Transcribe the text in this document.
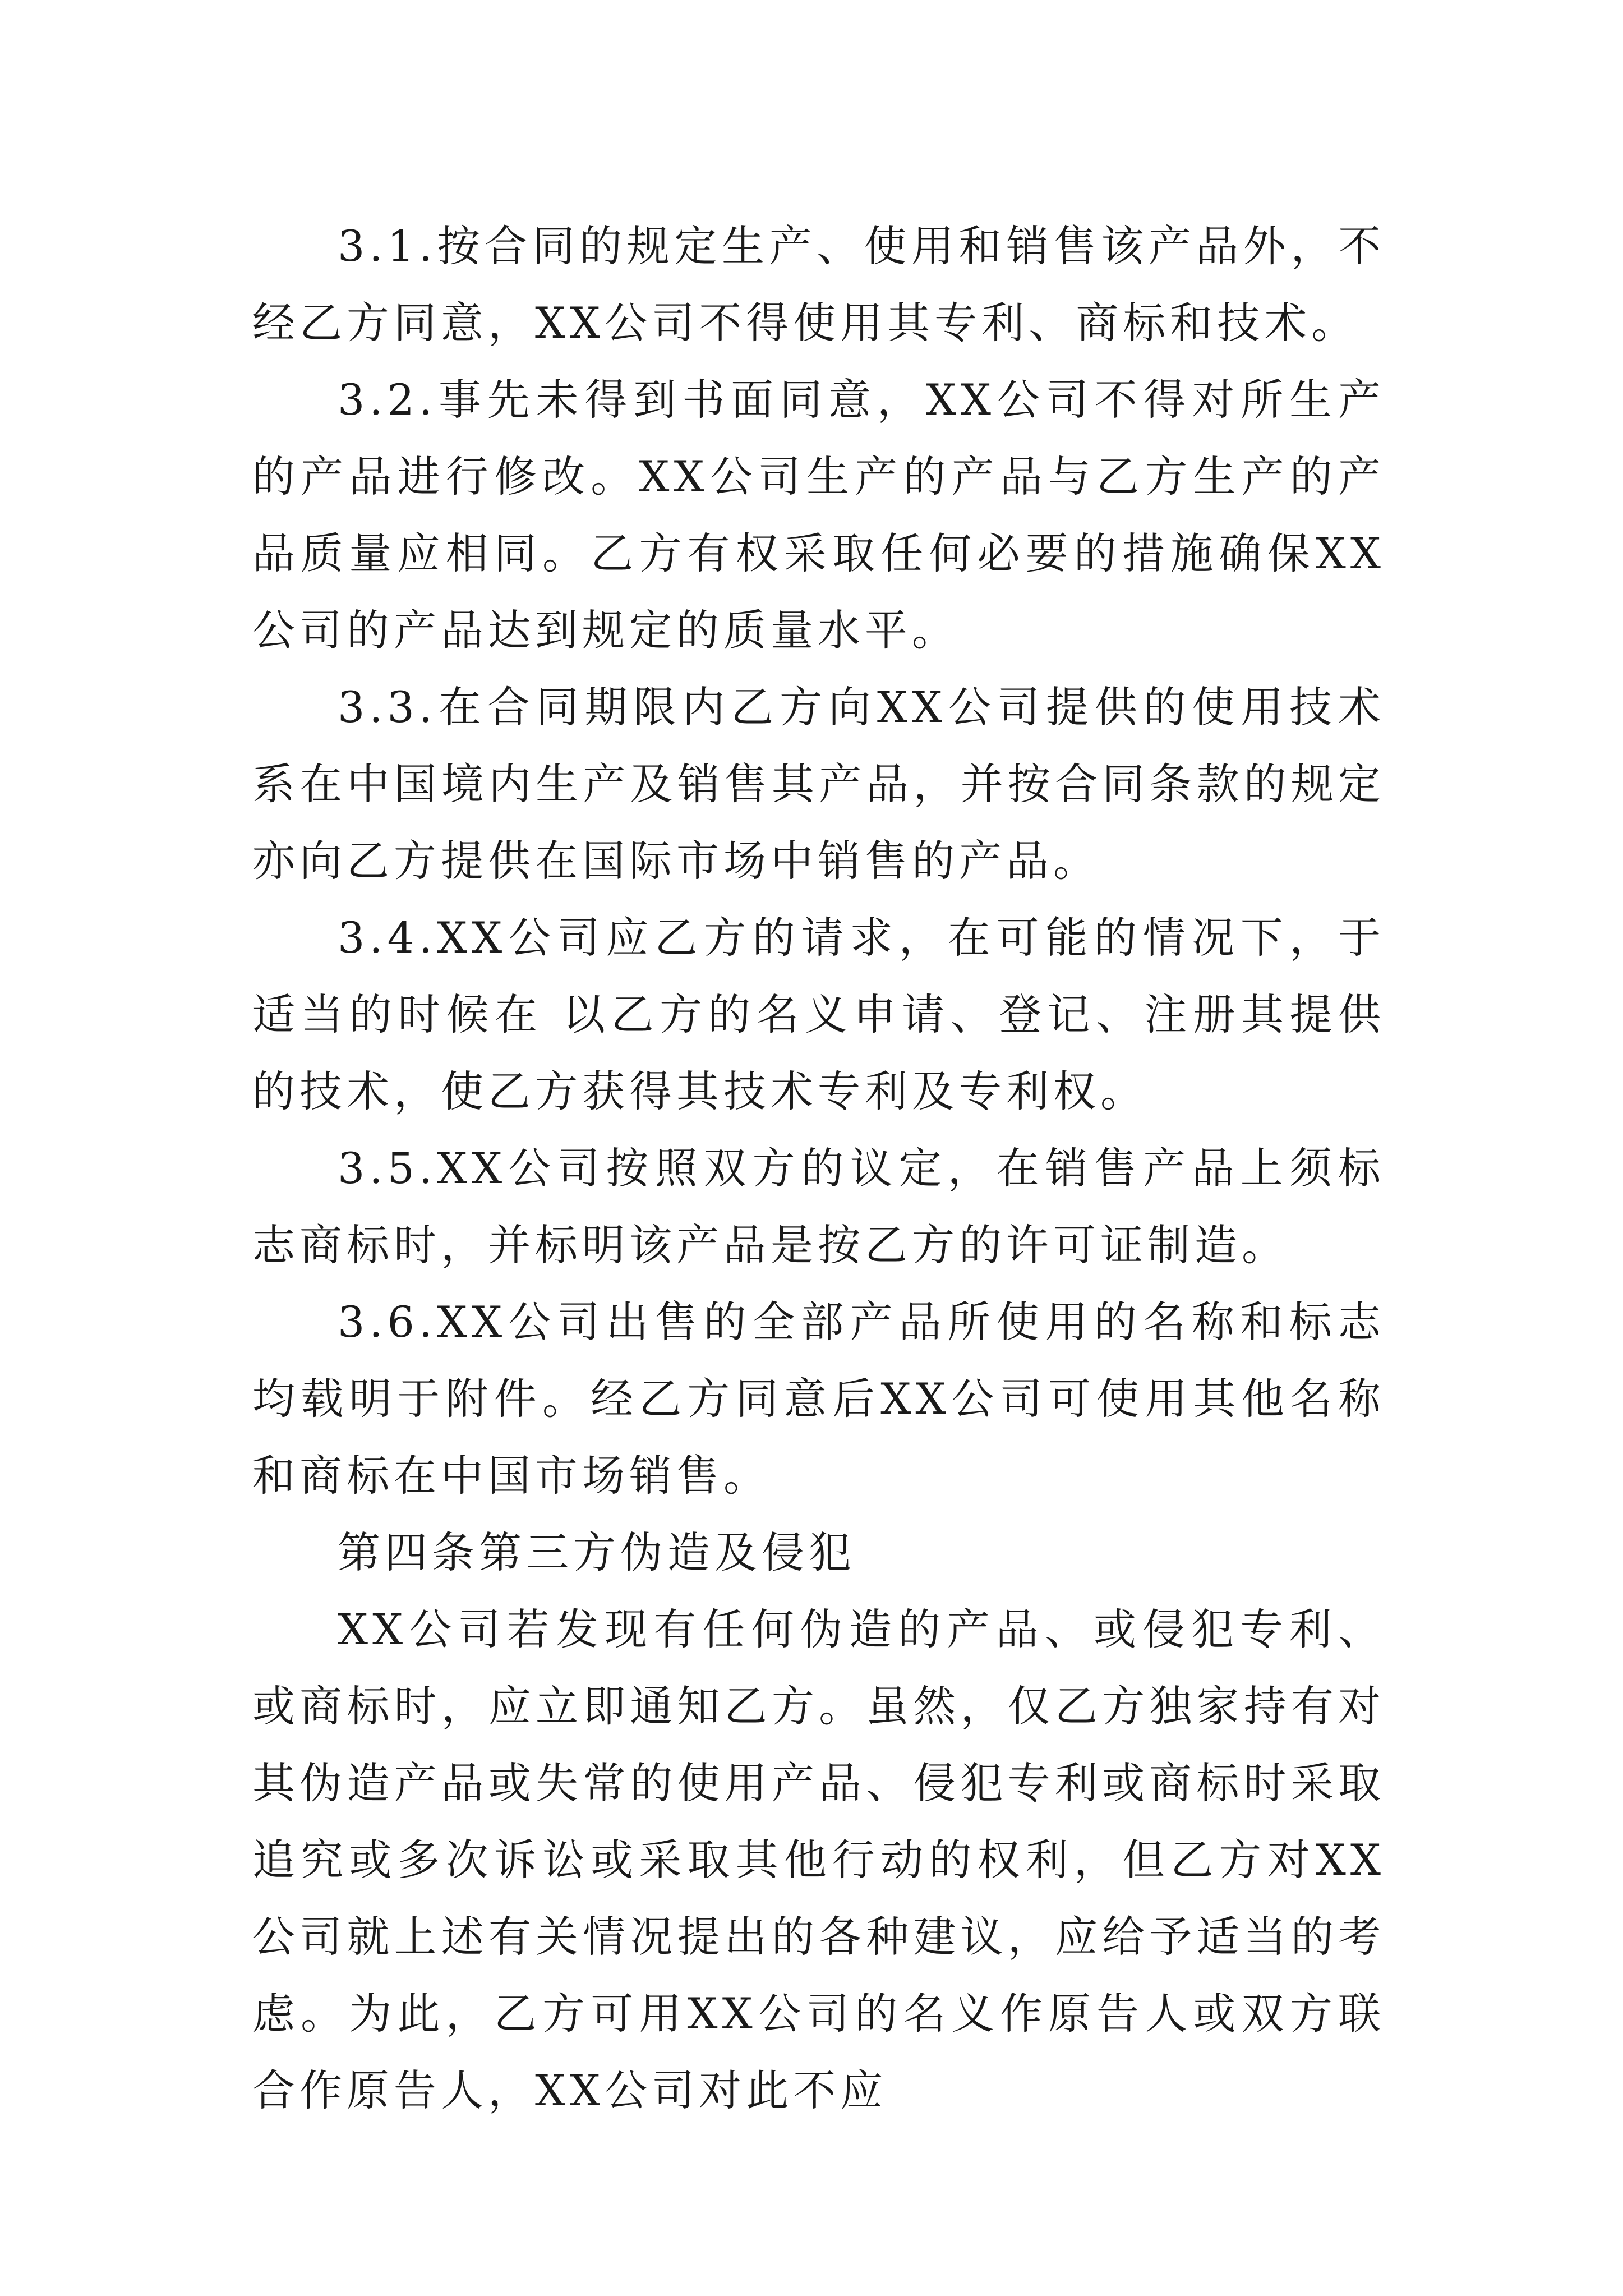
3.1.按合同的规定生产、使用和销售该产品外，不经乙方同意，XX公司不得使用其专利、商标和技术。

3.2.事先未得到书面同意，XX公司不得对所生产的产品进行修改。XX公司生产的产品与乙方生产的产品质量应相同。乙方有权采取任何必要的措施确保XX公司的产品达到规定的质量水平。

3.3.在合同期限内乙方向XX公司提供的使用技术系在中国境内生产及销售其产品，并按合同条款的规定亦向乙方提供在国际市场中销售的产品。

3.4.XX公司应乙方的请求，在可能的情况下，于适当的时候在 以乙方的名义申请、登记、注册其提供的技术，使乙方获得其技术专利及专利权。

3.5.XX公司按照双方的议定，在销售产品上须标志商标时，并标明该产品是按乙方的许可证制造。

3.6.XX公司出售的全部产品所使用的名称和标志均载明于附件。经乙方同意后XX公司可使用其他名称和商标在中国市场销售。

第四条第三方伪造及侵犯

XX公司若发现有任何伪造的产品、或侵犯专利、或商标时，应立即通知乙方。虽然，仅乙方独家持有对其伪造产品或失常的使用产品、侵犯专利或商标时采取追究或多次诉讼或采取其他行动的权利，但乙方对XX公司就上述有关情况提出的各种建议，应给予适当的考虑。为此，乙方可用XX公司的名义作原告人或双方联合作原告人，XX公司对此不应
